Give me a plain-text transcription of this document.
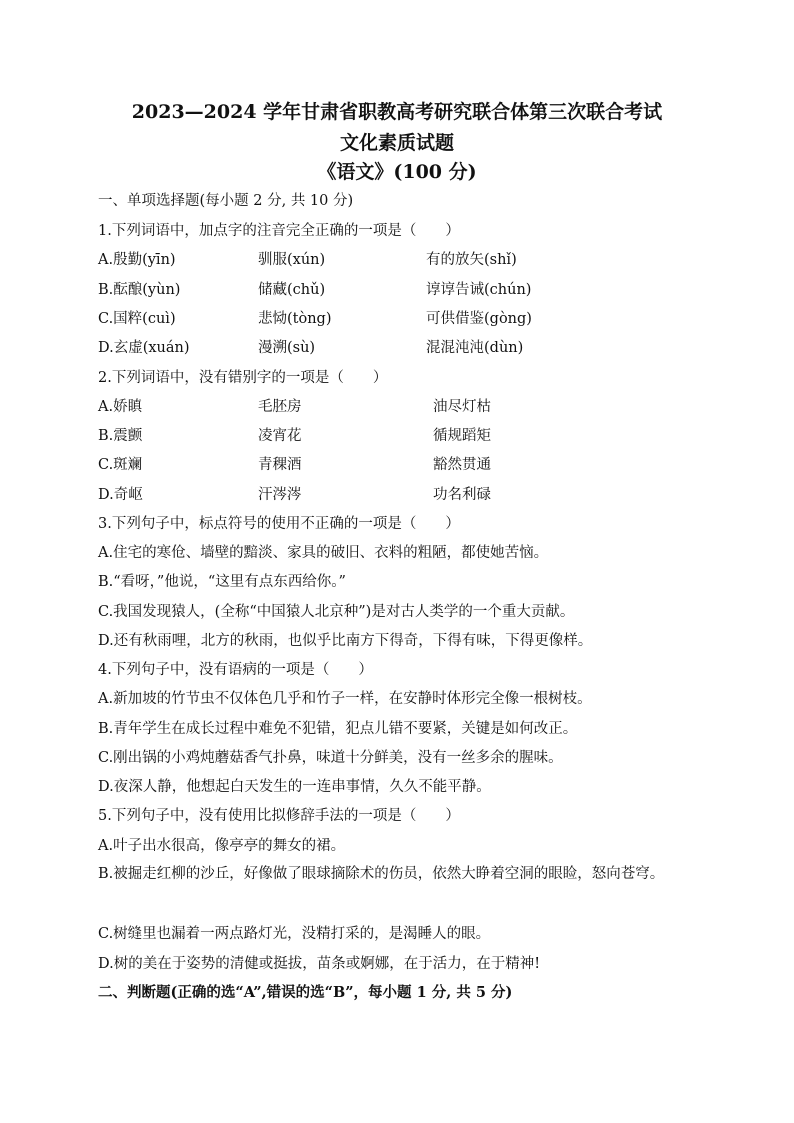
2023—2024 学年甘肃省职教高考研究联合体第三次联合考试
文化素质试题
《语文》(100 分)
一、单项选择题(每小题 2 分, 共 10 分)
1.下列词语中，加点字的注音完全正确的一项是（　　）
A.殷勤(yīn)	驯服(xún)	有的放矢(shǐ)
B.酝酿(yùn)	储藏(chǔ)	谆谆告诫(chún)
C.国粹(cuì)	悲恸(tòng)	可供借鉴(gòng)
D.玄虚(xuán)	漫溯(sù)	混混沌沌(dùn)
2.下列词语中，没有错别字的一项是（　　）
A.娇瞋	毛胚房	油尽灯枯
B.震颤	凌宵花	循规蹈矩
C.斑斓	青稞酒	豁然贯通
D.奇岖	汗涔涔	功名利碌
3.下列句子中，标点符号的使用不正确的一项是（　　）
A.住宅的寒伧、墙壁的黯淡、家具的破旧、衣料的粗陋，都使她苦恼。
B.“看呀，”他说，“这里有点东西给你。”
C.我国发现猿人，(全称“中国猿人北京种”)是对古人类学的一个重大贡献。
D.还有秋雨哩，北方的秋雨，也似乎比南方下得奇，下得有味，下得更像样。
4.下列句子中，没有语病的一项是（　　）
A.新加坡的竹节虫不仅体色几乎和竹子一样，在安静时体形完全像一根树枝。
B.青年学生在成长过程中难免不犯错，犯点儿错不要紧，关键是如何改正。
C.刚出锅的小鸡炖蘑菇香气扑鼻，味道十分鲜美，没有一丝多余的腥味。
D.夜深人静，他想起白天发生的一连串事情，久久不能平静。
5.下列句子中，没有使用比拟修辞手法的一项是（　　）
A.叶子出水很高，像亭亭的舞女的裙。
B.被掘走红柳的沙丘，好像做了眼球摘除术的伤员，依然大睁着空洞的眼睑，怒向苍穹。
C.树缝里也漏着一两点路灯光，没精打采的，是渴睡人的眼。
D.树的美在于姿势的清健或挺拔，苗条或婀娜，在于活力，在于精神!
二、判断题(正确的选“A”,错误的选“B”，每小题 1 分, 共 5 分)
